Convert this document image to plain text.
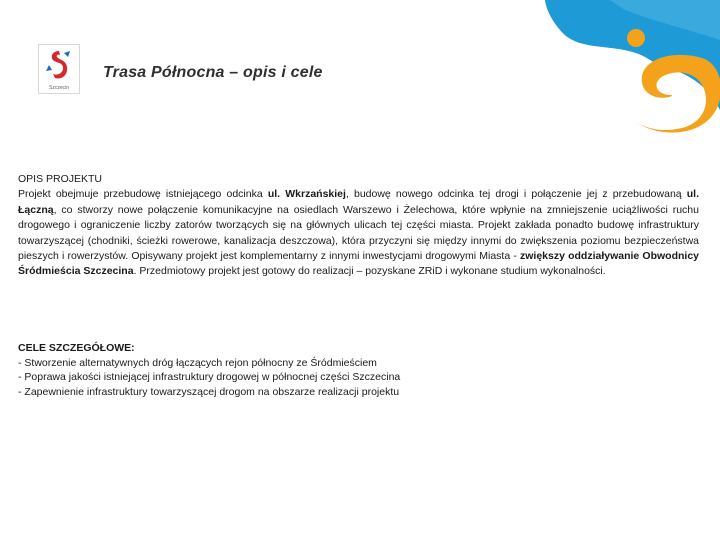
Szczecin
Trasa Północna – opis i cele
OPIS PROJEKTU

Projekt obejmuje przebudowę istniejącego odcinka ul. Wkrzańskiej, budowę nowego odcinka tej drogi i połączenie jej z przebudowaną ul. Łączną, co stworzy nowe połączenie komunikacyjne na osiedlach Warszewo i Żelechowa, które wpłynie na zmniejszenie uciążliwości ruchu drogowego i ograniczenie liczby zatorów tworzących się na głównych ulicach tej części miasta. Projekt zakłada ponadto budowę infrastruktury towarzyszącej (chodniki, ścieżki rowerowe, kanalizacja deszczowa), która przyczyni się między innymi do zwiększenia poziomu bezpieczeństwa pieszych i rowerzystów. Opisywany projekt jest komplementarny z innymi inwestycjami drogowymi Miasta - zwiększy oddziaływanie Obwodnicy Śródmieścia Szczecina. Przedmiotowy projekt jest gotowy do realizacji – pozyskane ZRiD i wykonane studium wykonalności.

CELE SZCZEGÓŁOWE:
- Stworzenie alternatywnych dróg łączących rejon północny ze Śródmieściem
- Poprawa jakości istniejącej infrastruktury drogowej w północnej części Szczecina
- Zapewnienie infrastruktury towarzyszącej drogom na obszarze realizacji projektu
